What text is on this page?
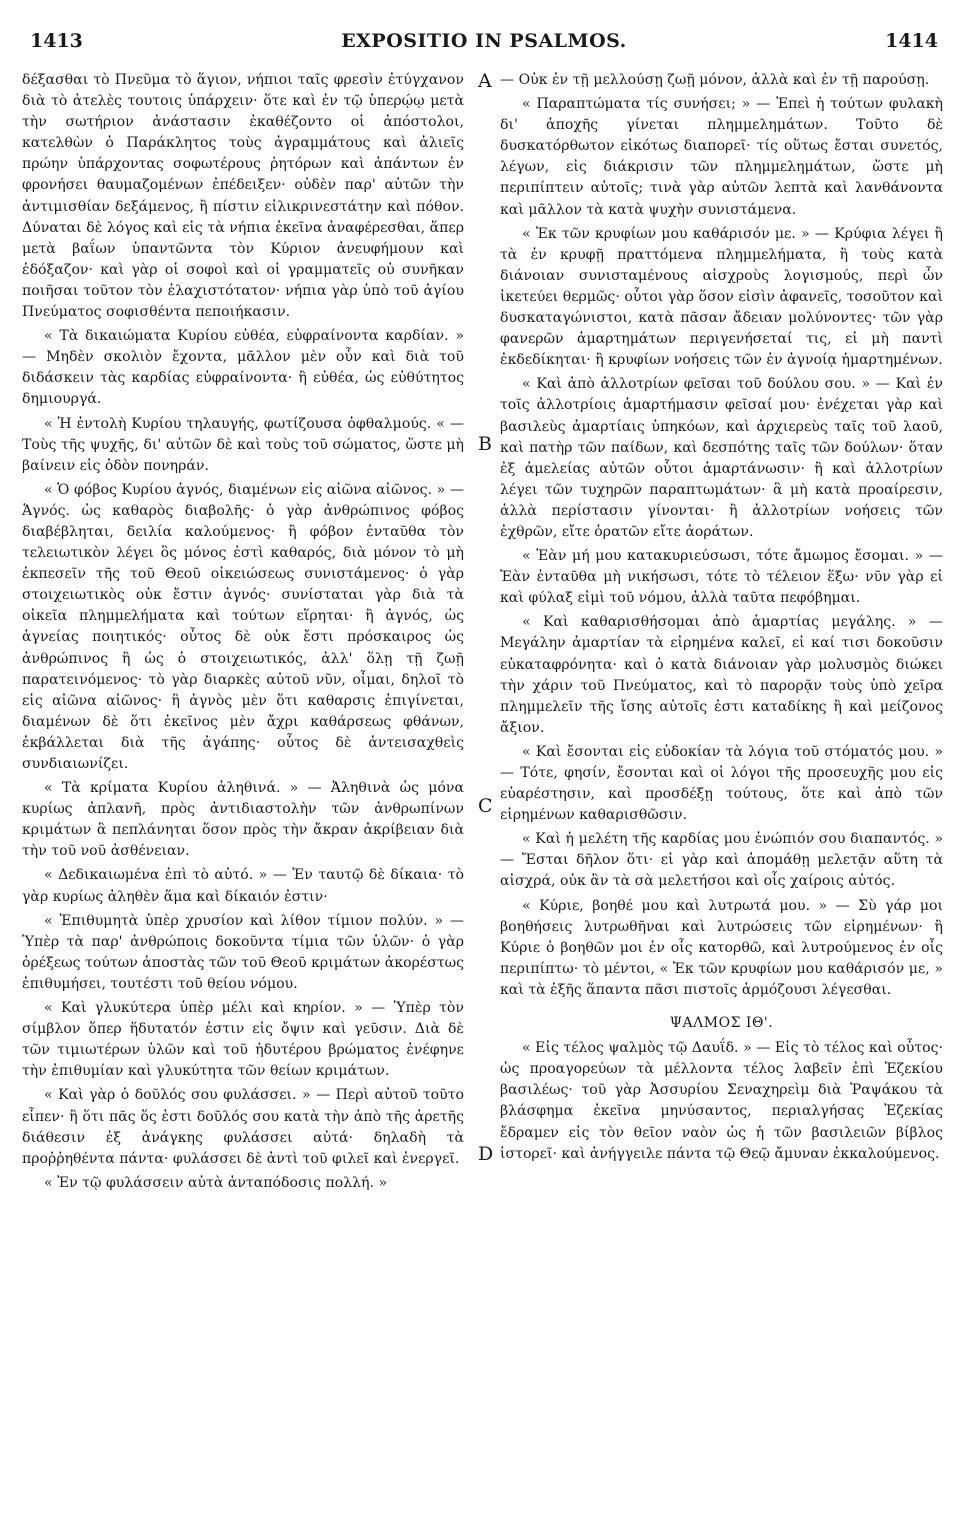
1413	EXPOSITIO IN PSALMOS.	1414
A
B
C
D

δέξασθαι τὸ Πνεῦμα τὸ ἅγιον, νήπιοι ταῖς φρεσὶν ἐτύγχανον διὰ τὸ ἀτελὲς τουτοις ὑπάρχειν· ὅτε καὶ ἐν τῷ ὑπερῴῳ μετὰ τὴν σωτήριον ἀνάστασιν ἐκαθέζοντο οἱ ἀπόστολοι, κατελθὼν ὁ Παράκλητος τοὺς ἀγραμμάτους καὶ ἁλιεῖς πρώην ὑπάρχοντας σοφωτέρους ῥητόρων καὶ ἁπάντων ἐν φρονήσει θαυμαζομένων ἐπέδειξεν· οὐδὲν παρ' αὐτῶν τὴν ἀντιμισθίαν δεξάμενος, ἢ πίστιν εἰλικρινεστάτην καὶ πόθον. Δύναται δὲ λόγος καὶ εἰς τὰ νήπια ἐκεῖνα ἀναφέρεσθαι, ἅπερ μετὰ βαΐων ὑπαντῶντα τὸν Κύριον ἀνευφήμουν καὶ ἐδόξαζον· καὶ γὰρ οἱ σοφοὶ καὶ οἱ γραμματεῖς οὐ συνῆκαν ποιῆσαι τοῦτον τὸν ἐλαχιστότατον· νήπια γὰρ ὑπὸ τοῦ ἁγίου Πνεύματος σοφισθέντα πεποιήκασιν.

« Τὰ δικαιώματα Κυρίου εὐθέα, εὐφραίνοντα καρδίαν. » — Μηδὲν σκολιὸν ἔχοντα, μᾶλλον μὲν οὖν καὶ διὰ τοῦ διδάσκειν τὰς καρδίας εὐφραίνοντα· ἢ εὐθέα, ὡς εὐθύτητος δημιουργά.

« Ἡ ἐντολὴ Κυρίου τηλαυγής, φωτίζουσα ὀφθαλμούς. « — Τοὺς τῆς ψυχῆς, δι' αὐτῶν δὲ καὶ τοὺς τοῦ σώματος, ὥστε μὴ βαίνειν εἰς ὁδὸν πονηράν.

« Ὁ φόβος Κυρίου ἁγνός, διαμένων εἰς αἰῶνα αἰῶνος. » — Ἁγνός. ὡς καθαρὸς διαβολῆς· ὁ γὰρ ἀνθρώπινος φόβος διαβέβληται, δειλία καλούμενος· ἢ φόβον ἐνταῦθα τὸν τελειωτικὸν λέγει ὃς μόνος ἐστὶ καθαρός, διὰ μόνον τὸ μὴ ἐκπεσεῖν τῆς τοῦ Θεοῦ οἰκειώσεως συνιστάμενος· ὁ γὰρ στοιχειωτικὸς οὐκ ἔστιν ἁγνός· συνίσταται γὰρ διὰ τὰ οἰκεῖα πλημμελήματα καὶ τούτων εἵρηται· ἢ ἁγνός, ὡς ἁγνείας ποιητικός· οὗτος δὲ οὐκ ἔστι πρόσκαιρος ὡς ἀνθρώπινος ἢ ὡς ὁ στοιχειωτικός, ἀλλ' ὅλῃ τῇ ζωῇ παρατεινόμενος· τὸ γὰρ διαρκὲς αὐτοῦ νῦν, οἶμαι, δηλοῖ τὸ εἰς αἰῶνα αἰῶνος· ἢ ἁγνὸς μὲν ὅτι καθαρσις ἐπιγίνεται, διαμένων δὲ ὅτι ἐκεῖνος μὲν ἄχρι καθάρσεως φθάνων, ἐκβάλλεται διὰ τῆς ἀγάπης· οὗτος δὲ ἀντεισαχθεὶς συνδιαιωνίζει.

« Τὰ κρίματα Κυρίου ἀληθινά. » — Ἀληθινὰ ὡς μόνα κυρίως ἀπλανῆ, πρὸς ἀντιδιαστολὴν τῶν ἀνθρωπίνων κριμάτων ἃ πεπλάνηται ὅσον πρὸς τὴν ἄκραν ἀκρίβειαν διὰ τὴν τοῦ νοῦ ἀσθένειαν.

« Δεδικαιωμένα ἐπὶ τὸ αὐτό. » — Ἐν ταυτῷ δὲ δίκαια· τὸ γὰρ κυρίως ἀληθὲν ἅμα καὶ δίκαιόν ἐστιν·

« Ἐπιθυμητὰ ὑπὲρ χρυσίον καὶ λίθον τίμιον πολύν. » — Ὑπὲρ τὰ παρ' ἀνθρώποις δοκοῦντα τίμια τῶν ὑλῶν· ὁ γὰρ ὀρέξεως τούτων ἀποστὰς τῶν τοῦ Θεοῦ κριμάτων ἀκορέστως ἐπιθυμήσει, τουτέστι τοῦ θείου νόμου.

« Καὶ γλυκύτερα ὑπὲρ μέλι καὶ κηρίον. » — Ὑπὲρ τὸν σίμβλον ὅπερ ἥδυτατόν ἐστιν εἰς ὄψιν καὶ γεῦσιν. Διὰ δὲ τῶν τιμιωτέρων ὑλῶν καὶ τοῦ ἡδυτέρου βρώματος ἐνέφηνε τὴν ἐπιθυμίαν καὶ γλυκύτητα τῶν θείων κριμάτων.

« Καὶ γὰρ ὁ δοῦλός σου φυλάσσει. » — Περὶ αὐτοῦ τοῦτο εἶπεν· ἢ ὅτι πᾶς ὅς ἐστι δοῦλός σου κατὰ τὴν ἀπὸ τῆς ἀρετῆς διάθεσιν ἐξ ἀνάγκης φυλάσσει αὐτά· δηλαδὴ τὰ προῤῥηθέντα πάντα· φυλάσσει δὲ ἀντὶ τοῦ φιλεῖ καὶ ἐνεργεῖ.

« Ἐν τῷ φυλάσσειν αὐτὰ ἀνταπόδοσις πολλή. »

— Οὐκ ἐν τῇ μελλούσῃ ζωῇ μόνον, ἀλλὰ καὶ ἐν τῇ παρούσῃ.

« Παραπτώματα τίς συνήσει; » — Ἐπεὶ ἡ τούτων φυλακὴ δι' ἀποχῆς γίνεται πλημμελημάτων. Τοῦτο δὲ δυσκατόρθωτον εἰκότως διαπορεῖ· τίς οὕτως ἔσται συνετός, λέγων, εἰς διάκρισιν τῶν πλημμελημάτων, ὥστε μὴ περιπίπτειν αὐτοῖς; τινὰ γὰρ αὐτῶν λεπτὰ καὶ λανθάνοντα καὶ μᾶλλον τὰ κατὰ ψυχὴν συνιστάμενα.

« Ἐκ τῶν κρυφίων μου καθάρισόν με. » — Κρύφια λέγει ἢ τὰ ἐν κρυφῇ πραττόμενα πλημμελήματα, ἢ τοὺς κατὰ διάνοιαν συνισταμένους αἰσχροὺς λογισμούς, περὶ ὧν ἱκετεύει θερμῶς· οὗτοι γὰρ ὅσον εἰσὶν ἀφανεῖς, τοσοῦτον καὶ δυσκαταγώνιστοι, κατὰ πᾶσαν ἄδειαν μολύνοντες· τῶν γὰρ φανερῶν ἁμαρτημάτων περιγενήσεταί τις, εἰ μὴ παντὶ ἐκδεδίκηται· ἢ κρυφίων νοήσεις τῶν ἐν ἀγνοίᾳ ἡμαρτημένων.

« Καὶ ἀπὸ ἀλλοτρίων φεῖσαι τοῦ δούλου σου. » — Καὶ ἐν τοῖς ἀλλοτρίοις ἁμαρτήμασιν φεῖσαί μου· ἐνέχεται γὰρ καὶ βασιλεὺς ἁμαρτίαις ὑπηκόων, καὶ ἀρχιερεὺς ταῖς τοῦ λαοῦ, καὶ πατὴρ τῶν παίδων, καὶ δεσπότης ταῖς τῶν δούλων· ὅταν ἐξ ἀμελείας αὐτῶν οὗτοι ἁμαρτάνωσιν· ἢ καὶ ἀλλοτρίων λέγει τῶν τυχηρῶν παραπτωμάτων· ἃ μὴ κατὰ προαίρεσιν, ἀλλὰ περίστασιν γίνονται· ἢ ἀλλοτρίων νοήσεις τῶν ἐχθρῶν, εἴτε ὁρατῶν εἴτε ἀοράτων.

« Ἐὰν μή μου κατακυριεύσωσι, τότε ἄμωμος ἔσομαι. » — Ἐὰν ἐνταῦθα μὴ νικήσωσι, τότε τὸ τέλειον ἕξω· νῦν γὰρ εἰ καὶ φύλαξ εἰμὶ τοῦ νόμου, ἀλλὰ ταῦτα πεφόβημαι.

« Καὶ καθαρισθήσομαι ἀπὸ ἁμαρτίας μεγάλης. » — Μεγάλην ἁμαρτίαν τὰ εἰρημένα καλεῖ, εἰ καί τισι δοκοῦσιν εὐκαταφρόνητα· καὶ ὁ κατὰ διάνοιαν γὰρ μολυσμὸς διώκει τὴν χάριν τοῦ Πνεύματος, καὶ τὸ παρορᾷν τοὺς ὑπὸ χεῖρα πλημμελεῖν τῆς ἴσης αὐτοῖς ἐστι καταδίκης ἢ καὶ μείζονος ἄξιον.

« Καὶ ἔσονται εἰς εὐδοκίαν τὰ λόγια τοῦ στόματός μου. » — Τότε, φησίν, ἔσονται καὶ οἱ λόγοι τῆς προσευχῆς μου εἰς εὐαρέστησιν, καὶ προσδέξῃ τούτους, ὅτε καὶ ἀπὸ τῶν εἰρημένων καθαρισθῶσιν.

« Καὶ ἡ μελέτη τῆς καρδίας μου ἐνώπιόν σου διαπαντός. » — Ἔσται δῆλον ὅτι· εἰ γὰρ καὶ ἀπομάθῃ μελετᾷν αὕτη τὰ αἰσχρά, οὐκ ἂν τὰ σὰ μελετήσοι καὶ οἷς χαίροις αὐτός.

« Κύριε, βοηθέ μου καὶ λυτρωτά μου. » — Σὺ γάρ μοι βοηθήσεις λυτρωθῆναι καὶ λυτρώσεις τῶν εἰρημένων· ἢ Κύριε ὁ βοηθῶν μοι ἐν οἷς κατορθῶ, καὶ λυτρούμενος ἐν οἷς περιπίπτω· τὸ μέντοι, « Ἐκ τῶν κρυφίων μου καθάρισόν με, » καὶ τὰ ἑξῆς ἅπαντα πᾶσι πιστοῖς ἁρμόζουσι λέγεσθαι.

ΨΑΛΜΟΣ ΙΘ'.

« Εἰς τέλος ψαλμὸς τῷ Δαυΐδ. » — Εἰς τὸ τέλος καὶ οὗτος· ὡς προαγορεύων τὰ μέλλοντα τέλος λαβεῖν ἐπὶ Ἐζεκίου βασιλέως· τοῦ γὰρ Ἀσσυρίου Σεναχηρεὶμ διὰ Ῥαψάκου τὰ βλάσφημα ἐκεῖνα μηνύσαντος, περιαλγήσας Ἐζεκίας ἔδραμεν εἰς τὸν θεῖον ναὸν ὡς ἡ τῶν βασιλειῶν βίβλος ἱστορεῖ· καὶ ἀνήγγειλε πάντα τῷ Θεῷ ἄμυναν ἐκκαλούμενος.
